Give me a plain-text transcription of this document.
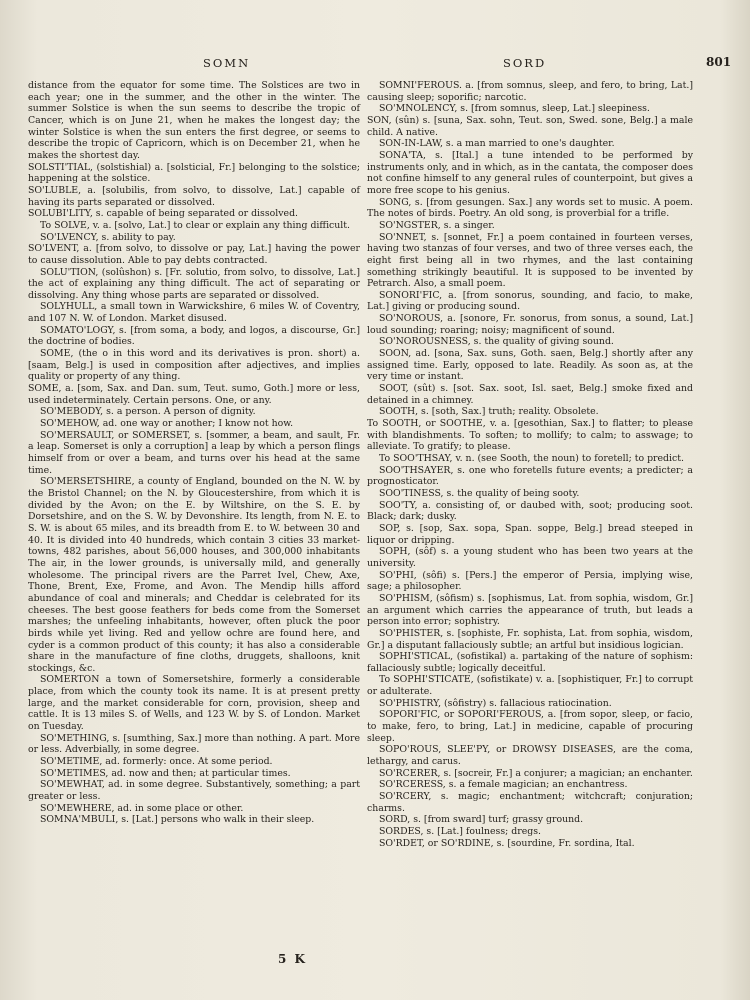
SOMN	SORD	801

distance from the equator for some time. The Solstices are two in each year; one in the summer, and the other in the winter. The summer Solstice is when the sun seems to describe the tropic of Cancer, which is on June 21, when he makes the longest day; the winter Solstice is when the sun enters the first degree, or seems to describe the tropic of Capricorn, which is on December 21, when he makes the shortest day.

SOLSTI'TIAL, (solstishial) a. [solsticial, Fr.] belonging to the solstice; happening at the solstice.

SO'LUBLE, a. [solubilis, from solvo, to dissolve, Lat.] capable of having its parts separated or dissolved.

SOLUBI'LITY, s. capable of being separated or dissolved.

To SOLVE, v. a. [solvo, Lat.] to clear or explain any thing difficult.

SO'LVENCY, s. ability to pay.

SO'LVENT, a. [from solvo, to dissolve or pay, Lat.] having the power to cause dissolution. Able to pay debts contracted.

SOLU'TION, (solûshon) s. [Fr. solutio, from solvo, to dissolve, Lat.] the act of explaining any thing difficult. The act of separating or dissolving. Any thing whose parts are separated or dissolved.

SOLYHULL, a small town in Warwickshire, 6 miles W. of Coventry, and 107 N. W. of London. Market disused.

SOMATO'LOGY, s. [from soma, a body, and logos, a discourse, Gr.] the doctrine of bodies.

SOME, (the o in this word and its derivatives is pron. short) a. [saam, Belg.] is used in composition after adjectives, and implies quality or property of any thing.

SOME, a. [som, Sax. and Dan. sum, Teut. sumo, Goth.] more or less, used indeterminately. Certain persons. One, or any.

SO'MEBODY, s. a person. A person of dignity.

SO'MEHOW, ad. one way or another; I know not how.

SO'MERSAULT, or SOMERSET, s. [sommer, a beam, and sault, Fr. a leap. Somerset is only a corruption] a leap by which a person flings himself from or over a beam, and turns over his head at the same time.

SO'MERSETSHIRE, a county of England, bounded on the N. W. by the Bristol Channel; on the N. by Gloucestershire, from which it is divided by the Avon; on the E. by Wiltshire, on the S. E. by Dorsetshire, and on the S. W. by Devonshire. Its length, from N. E. to S. W. is about 65 miles, and its breadth from E. to W. between 30 and 40. It is divided into 40 hundreds, which contain 3 cities 33 market-towns, 482 parishes, about 56,000 houses, and 300,000 inhabitants The air, in the lower grounds, is universally mild, and generally wholesome. The principal rivers are the Parret Ivel, Chew, Axe, Thone, Brent, Exe, Frome, and Avon. The Mendip hills afford abundance of coal and minerals; and Cheddar is celebrated for its cheeses. The best goose feathers for beds come from the Somerset marshes; the unfeeling inhabitants, however, often pluck the poor birds while yet living. Red and yellow ochre are found here, and cyder is a common product of this county; it has also a considerable share in the manufacture of fine cloths, druggets, shalloons, knit stockings, &c.

SOMERTON a town of Somersetshire, formerly a considerable place, from which the county took its name. It is at present pretty large, and the market considerable for corn, provision, sheep and cattle. It is 13 miles S. of Wells, and 123 W. by S. of London. Market on Tuesday.

SO'METHING, s. [sumthing, Sax.] more than nothing. A part. More or less. Adverbially, in some degree.

SO'METIME, ad. formerly: once. At some period.

SO'METIMES, ad. now and then; at particular times.

SO'MEWHAT, ad. in some degree. Substantively, something; a part greater or less.

SO'MEWHERE, ad. in some place or other.

SOMNA'MBULI, s. [Lat.] persons who walk in their sleep.

SOMNI'FEROUS. a. [from somnus, sleep, and fero, to bring, Lat.] causing sleep; soporific; narcotic.

SO'MNOLENCY, s. [from somnus, sleep, Lat.] sleepiness.

SON, (sûn) s. [suna, Sax. sohn, Teut. son, Swed. sone, Belg.] a male child. A native.

SON-IN-LAW, s. a man married to one's daughter.

SONA'TA, s. [Ital.] a tune intended to be performed by instruments only, and in which, as in the cantata, the composer does not confine himself to any general rules of counterpoint, but gives a more free scope to his genius.

SONG, s. [from gesungen. Sax.] any words set to music. A poem. The notes of birds. Poetry. An old song, is proverbial for a trifle.

SO'NGSTER, s. a singer.

SO'NNET, s. [sonnet, Fr.] a poem contained in fourteen verses, having two stanzas of four verses, and two of three verses each, the eight first being all in two rhymes, and the last containing something strikingly beautiful. It is supposed to be invented by Petrarch. Also, a small poem.

SONORI'FIC, a. [from sonorus, sounding, and facio, to make, Lat.] giving or producing sound.

SO'NOROUS, a. [sonore, Fr. sonorus, from sonus, a sound, Lat.] loud sounding; roaring; noisy; magnificent of sound.

SO'NOROUSNESS, s. the quality of giving sound.

SOON, ad. [sona, Sax. suns, Goth. saen, Belg.] shortly after any assigned time. Early, opposed to late. Readily. As soon as, at the very time or instant.

SOOT, (sût) s. [sot. Sax. soot, Isl. saet, Belg.] smoke fixed and detained in a chimney.

SOOTH, s. [soth, Sax.] truth; reality. Obsolete.

To SOOTH, or SOOTHE, v. a. [gesothian, Sax.] to flatter; to please with blandishments. To soften; to mollify; to calm; to asswage; to alleviate. To gratify; to please.

To SOO'THSAY, v. n. (see Sooth, the noun) to foretell; to predict.

SOO'THSAYER, s. one who foretells future events; a predicter; a prognosticator.

SOO'TINESS, s. the quality of being sooty.

SOO'TY, a. consisting of, or daubed with, soot; producing soot. Black; dark; dusky.

SOP, s. [sop, Sax. sopa, Span. soppe, Belg.] bread steeped in liquor or dripping.

SOPH, (sôf) s. a young student who has been two years at the university.

SO'PHI, (sôfi) s. [Pers.] the emperor of Persia, implying wise, sage; a philosopher.

SO'PHISM, (sôfism) s. [sophismus, Lat. from sophia, wisdom, Gr.] an argument which carries the appearance of truth, but leads a person into error; sophistry.

SO'PHISTER, s. [sophiste, Fr. sophista, Lat. from sophia, wisdom, Gr.] a disputant fallaciously subtle; an artful but insidious logician.

SOPHI'STICAL, (sofistikal) a. partaking of the nature of sophism: fallaciously subtle; logically deceitful.

To SOPHI'STICATE, (sofistikate) v. a. [sophistiquer, Fr.] to corrupt or adulterate.

SO'PHISTRY, (sôfistry) s. fallacious ratiocination.

SOPORI'FIC, or SOPORI'FEROUS, a. [from sopor, sleep, or facio, to make, fero, to bring, Lat.] in medicine, capable of procuring sleep.

SOPO'ROUS, SLEE'PY, or DROWSY DISEASES, are the coma, lethargy, and carus.

SO'RCERER, s. [socreir, Fr.] a conjurer; a magician; an enchanter.

SO'RCERESS, s. a female magician; an enchantress.

SO'RCERY, s. magic; enchantment; witchcraft; conjuration; charms.

SORD, s. [from sward] turf; grassy ground.

SORDES, s. [Lat.] foulness; dregs.

SO'RDET, or SO'RDINE, s. [sourdine, Fr. sordina, Ital.

5 K
